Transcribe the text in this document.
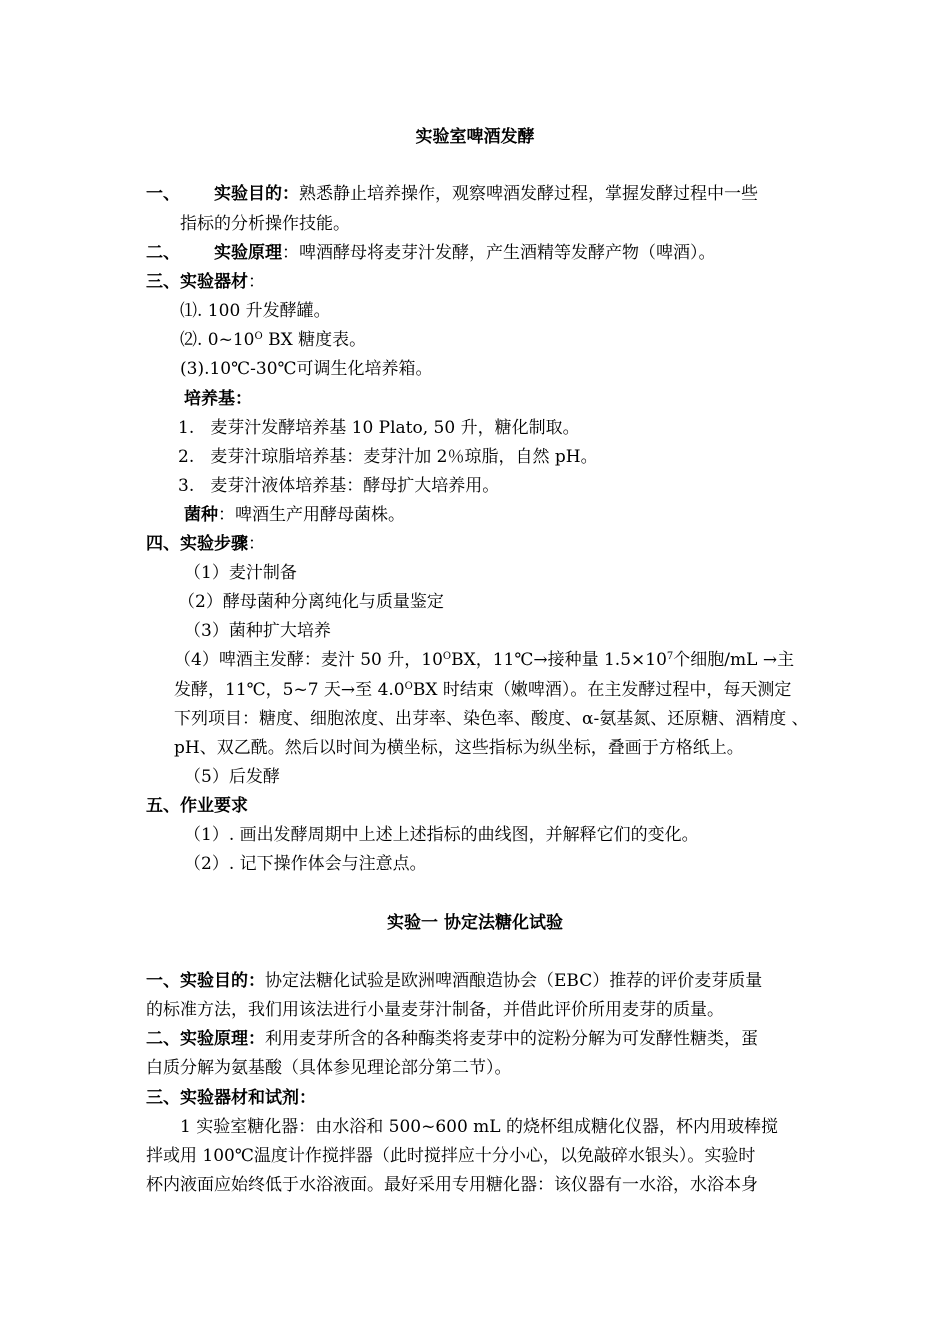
实验室啤酒发酵
一、 实验目的：熟悉静止培养操作，观察啤酒发酵过程，掌握发酵过程中一些
指标的分析操作技能。
二、 实验原理：啤酒酵母将麦芽汁发酵，产生酒精等发酵产物（啤酒）。
三、实验器材：
⑴. 100 升发酵罐。
⑵. $0\sim 10^O$ BX 糖度表。
(3).10℃-30℃可调生化培养箱。
培养基：
1. 麦芽汁发酵培养基 10 Plato, 50 升，糖化制取。
2. 麦芽汁琼脂培养基：麦芽汁加 2％琼脂，自然 pH。
3. 麦芽汁液体培养基：酵母扩大培养用。
菌种：啤酒生产用酵母菌株。
四、实验步骤：
（1）麦汁制备
（2）酵母菌种分离纯化与质量鉴定
（3）菌种扩大培养
（4）啤酒主发酵：麦汁 50 升，$10^OBX$，11℃→接种量 $1.5\times 10^7$个细胞/mL →主
发酵，11℃，5~7 天→至 $4.0^OBX$ 时结束（嫩啤酒）。在主发酵过程中，每天测定
下列项目：糖度、细胞浓度、出芽率、染色率、酸度、α-氨基氮、还原糖、酒精度 、
pH、双乙酰。然后以时间为横坐标，这些指标为纵坐标，叠画于方格纸上。
（5）后发酵
五、作业要求
（1）. 画出发酵周期中上述上述指标的曲线图，并解释它们的变化。
（2）. 记下操作体会与注意点。
实验一 协定法糖化试验
一、实验目的：协定法糖化试验是欧洲啤酒酿造协会（EBC）推荐的评价麦芽质量
的标准方法，我们用该法进行小量麦芽汁制备，并借此评价所用麦芽的质量。
二、实验原理：利用麦芽所含的各种酶类将麦芽中的淀粉分解为可发酵性糖类，蛋
白质分解为氨基酸（具体参见理论部分第二节）。
三、实验器材和试剂：
1 实验室糖化器：由水浴和 500~600 mL 的烧杯组成糖化仪器，杯内用玻棒搅
拌或用 100℃温度计作搅拌器（此时搅拌应十分小心，以免敲碎水银头）。实验时
杯内液面应始终低于水浴液面。最好采用专用糖化器：该仪器有一水浴，水浴本身
